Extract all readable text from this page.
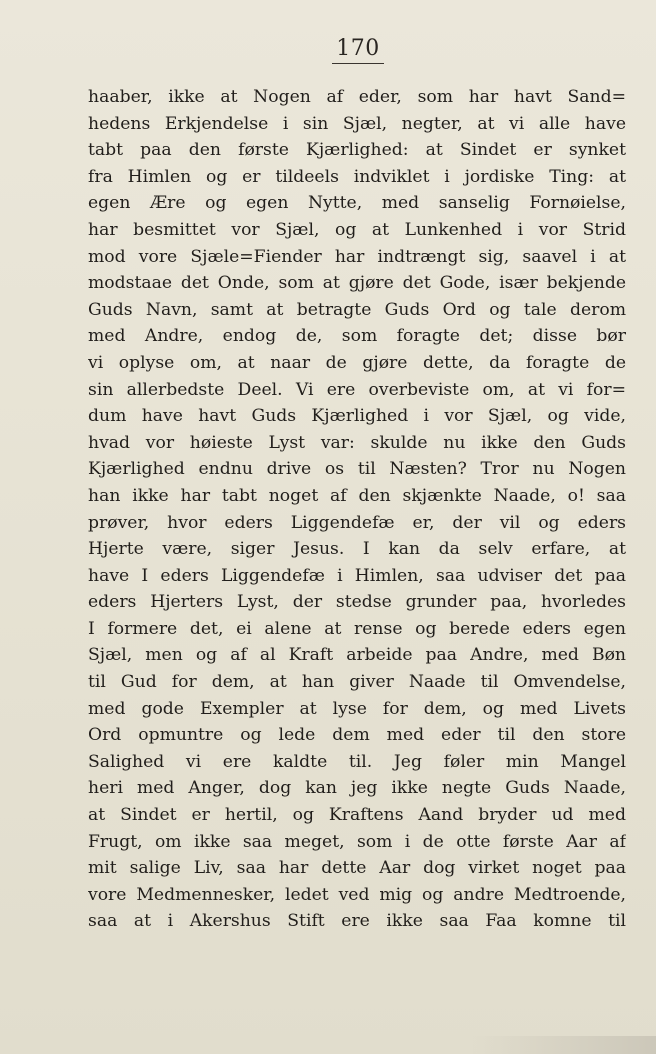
170
haaber, ikke at Nogen af eder, som har havt Sand=
hedens Erkjendelse i sin Sjæl, negter, at vi alle have
tabt paa den første Kjærlighed: at Sindet er synket
fra Himlen og er tildeels indviklet i jordiske Ting: at
egen Ære og egen Nytte, med sanselig Fornøielse,
har besmittet vor Sjæl, og at Lunkenhed i vor Strid
mod vore Sjæle=Fiender har indtrængt sig, saavel i at
modstaae det Onde, som at gjøre det Gode, især bekjende
Guds Navn, samt at betragte Guds Ord og tale derom
med Andre, endog de, som foragte det; disse bør
vi oplyse om, at naar de gjøre dette, da foragte de
sin allerbedste Deel. Vi ere overbeviste om, at vi for=
dum have havt Guds Kjærlighed i vor Sjæl, og vide,
hvad vor høieste Lyst var: skulde nu ikke den Guds
Kjærlighed endnu drive os til Næsten? Tror nu Nogen
han ikke har tabt noget af den skjænkte Naade, o! saa
prøver, hvor eders Liggendefæ er, der vil og eders
Hjerte være, siger Jesus. I kan da selv erfare, at
have I eders Liggendefæ i Himlen, saa udviser det paa
eders Hjerters Lyst, der stedse grunder paa, hvorledes
I formere det, ei alene at rense og berede eders egen
Sjæl, men og af al Kraft arbeide paa Andre, med Bøn
til Gud for dem, at han giver Naade til Omvendelse,
med gode Exempler at lyse for dem, og med Livets
Ord opmuntre og lede dem med eder til den store
Salighed vi ere kaldte til. Jeg føler min Mangel
heri med Anger, dog kan jeg ikke negte Guds Naade,
at Sindet er hertil, og Kraftens Aand bryder ud med
Frugt, om ikke saa meget, som i de otte første Aar af
mit salige Liv, saa har dette Aar dog virket noget paa
vore Medmennesker, ledet ved mig og andre Medtroende,
saa at i Akershus Stift ere ikke saa Faa komne til
